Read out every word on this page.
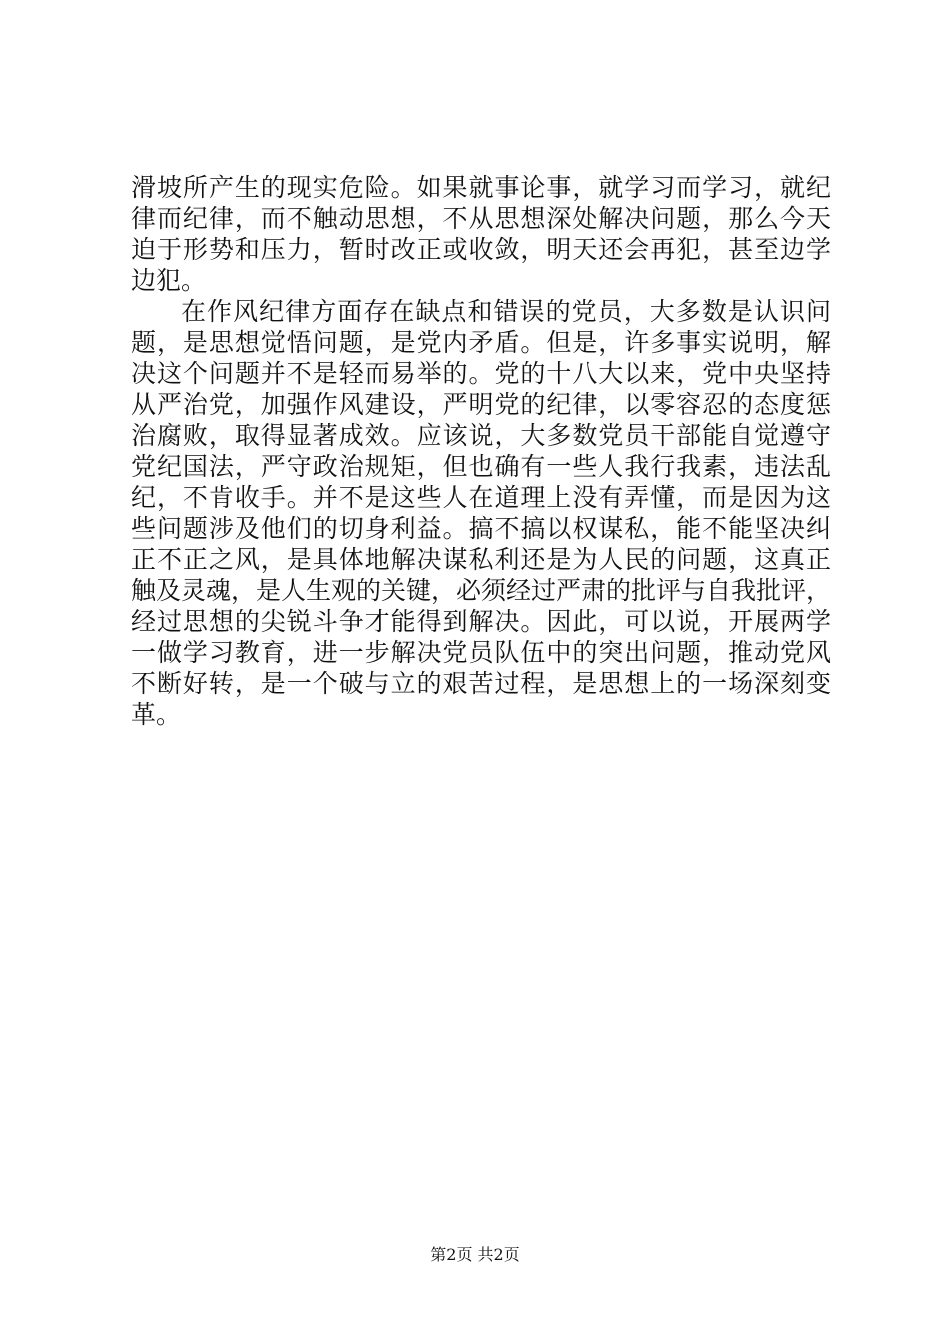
滑坡所产生的现实危险。如果就事论事，就学习而学习，就纪
律而纪律，而不触动思想，不从思想深处解决问题，那么今天
迫于形势和压力，暂时改正或收敛，明天还会再犯，甚至边学
边犯。
在作风纪律方面存在缺点和错误的党员，大多数是认识问
题，是思想觉悟问题，是党内矛盾。但是，许多事实说明，解
决这个问题并不是轻而易举的。党的十八大以来，党中央坚持
从严治党，加强作风建设，严明党的纪律，以零容忍的态度惩
治腐败，取得显著成效。应该说，大多数党员干部能自觉遵守
党纪国法，严守政治规矩，但也确有一些人我行我素，违法乱
纪，不肯收手。并不是这些人在道理上没有弄懂，而是因为这
些问题涉及他们的切身利益。搞不搞以权谋私，能不能坚决纠
正不正之风，是具体地解决谋私利还是为人民的问题，这真正
触及灵魂，是人生观的关键，必须经过严肃的批评与自我批评，
经过思想的尖锐斗争才能得到解决。因此，可以说，开展两学
一做学习教育，进一步解决党员队伍中的突出问题，推动党风
不断好转，是一个破与立的艰苦过程，是思想上的一场深刻变
革。
第2页 共2页
